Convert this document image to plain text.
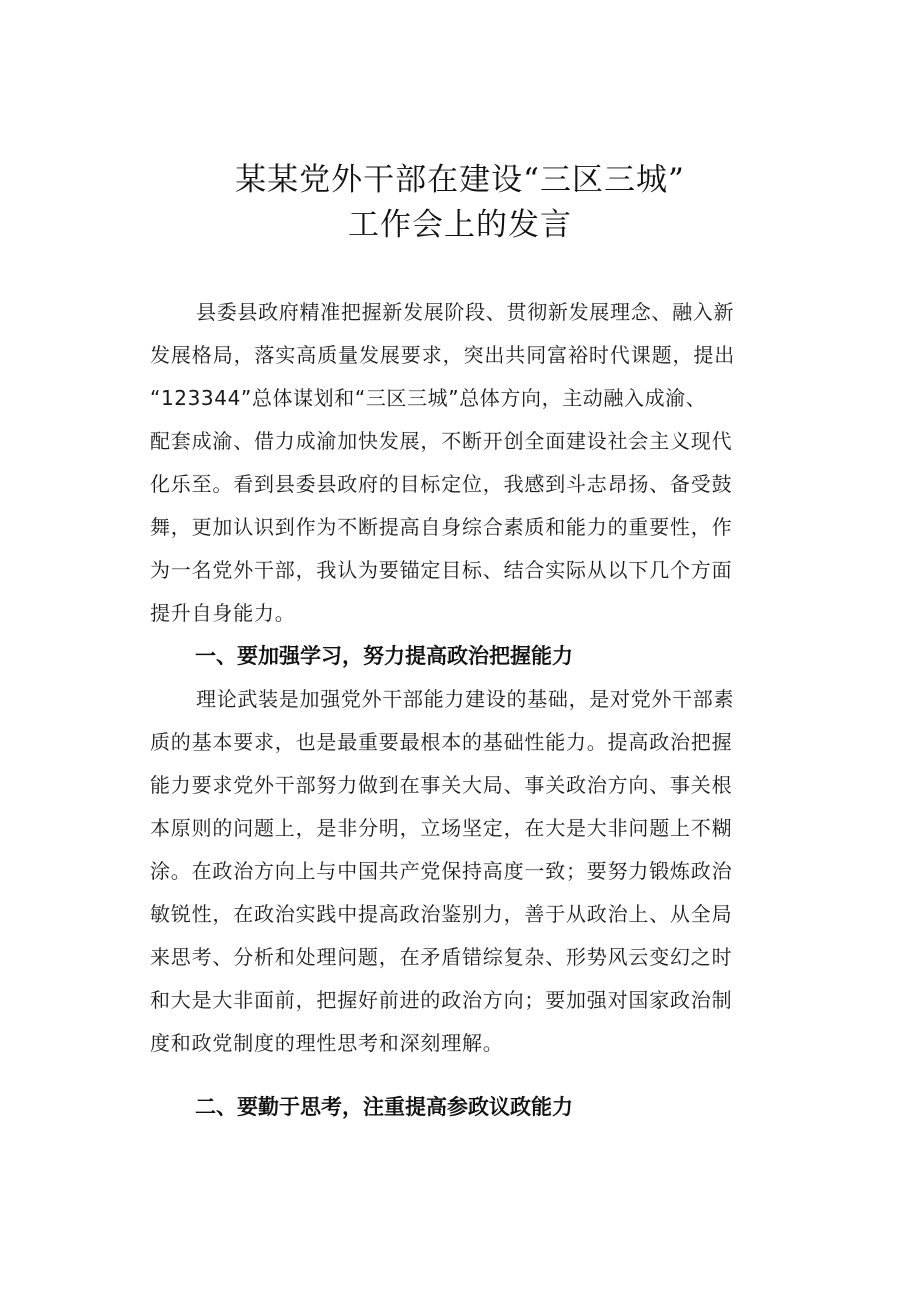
某某党外干部在建设“三区三城”
工作会上的发言
县委县政府精准把握新发展阶段、贯彻新发展理念、融入新
发展格局，落实高质量发展要求，突出共同富裕时代课题，提出
“123344”总体谋划和“三区三城”总体方向，主动融入成渝、
配套成渝、借力成渝加快发展，不断开创全面建设社会主义现代
化乐至。看到县委县政府的目标定位，我感到斗志昂扬、备受鼓
舞，更加认识到作为不断提高自身综合素质和能力的重要性，作
为一名党外干部，我认为要锚定目标、结合实际从以下几个方面
提升自身能力。
一、要加强学习，努力提高政治把握能力
理论武装是加强党外干部能力建设的基础，是对党外干部素
质的基本要求，也是最重要最根本的基础性能力。提高政治把握
能力要求党外干部努力做到在事关大局、事关政治方向、事关根
本原则的问题上，是非分明，立场坚定，在大是大非问题上不糊
涂。在政治方向上与中国共产党保持高度一致；要努力锻炼政治
敏锐性，在政治实践中提高政治鉴别力，善于从政治上、从全局
来思考、分析和处理问题，在矛盾错综复杂、形势风云变幻之时
和大是大非面前，把握好前进的政治方向；要加强对国家政治制
度和政党制度的理性思考和深刻理解。
二、要勤于思考，注重提高参政议政能力
